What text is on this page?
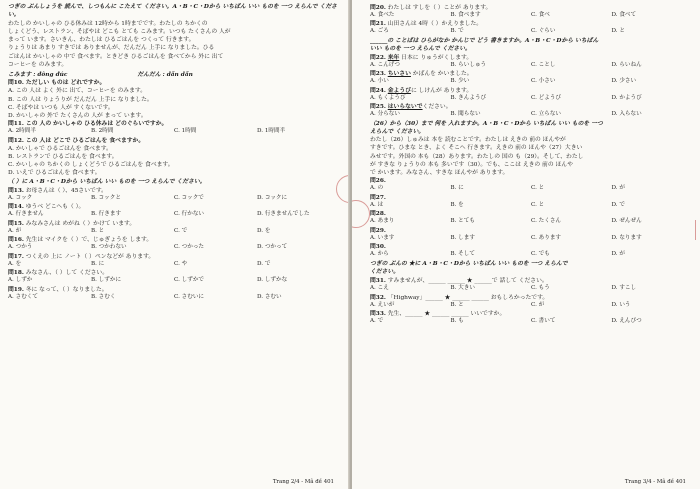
つぎの ぶんしょうを 読んで、しつもんに こたえて ください。A・B・C・Dから いちばん いい ものを 一つ えらんで ください。
わたしの かいしゃの ひる休みは 12時から 1時までです。わたしの ちかくの
しょくどう、レストラン、そばやは どこも とても こみます。いつも たくさんの 人が
まって います。さいきん、わたしは ひるごはんを つくって 行きます。
りょうりは あまり すきでは ありませんが、だんだん 上手に なりました。ひる
ごはんは かいしゃの 中で 食べます。ときどき ひるごはんを 食べてから 外に 出て
コーヒーを のみます。
こみます : đông đúc	だんだん : dần dần
問10. ただしい ものは どれですか。
A. この 人は よく 外に 出て、コーヒーを のみます。
B. この 人は りょうりが だんだん 上手に なりました。
C. そばやは いつも 人が すくないです。
D. かいしゃの 外で たくさんの 人が まって います。
問11. この 人の かいしゃの ひる休みは どのぐらいですか。
A. 2時間半	B. 2時間	C. 1時間	D. 1時間半
問12. この 人は どこで ひるごはんを 食べますか。
A. かいしゃで ひるごはんを 食べます。
B. レストランで ひるごはんを 食べます。
C. かいしゃの ちかくの しょくどうで ひるごはんを 食べます。
D. いえで ひるごはんを 食べます。
（ ）に A・B・C・Dから いちばん いい ものを 一つ えらんで ください。
問13. お母さんは（ ）、45さいです。
A. コック	B. コックと	C. コックで	D. コックに
問14. ゆうべ どこへも（ ）。
A. 行きません	B. 行きます	C. 行かない	D. 行きませんでした
問15. みなみさんは めがね（ ）かけて います。
A. が	B. と	C. で	D. を
問16. 先生は マイクを（ ）で、じゅぎょうを します。
A. つかう	B. つかわない	C. つかった	D. つかって
問17. つくえの 上に ノート（ ）ペンなどが あります。
A. を	B. に	C. や	D. で
問18. みなさん、（ ）して ください。
A. しずか	B. しずかに	C. しずかで	D. しずかな
問19. 冬に なって、（ ）なりました。
A. さむくて	B. さむく	C. さむいに	D. さむい
Trang 2/4 - Mã đề 401
問20. わたしは すしを（ ）ことが あります。
A. 食べた	B. 食べます	C. 食べ	D. 食べて
問21. 山田さんは 4時（ ）かえりました。
A. ごろ	B. で	C. ぐらい	D. と
______の ことばは ひらがなか かんじで どう 書きますか。A・B・C・Dから いちばん
いい ものを 一つ えらんで ください。
問22. 来年 日本に りゅうがくします。
A. こんげつ	B. らいしゅう	C. ことし	D. らいねん
問23. ちいさい かばんを かいました。
A. 小い	B. 少い	C. 小さい	D. 少さい
問24. 金ようびに しけんが あります。
A. もくようび	B. きんようび	C. どようび	D. かようび
問25. はいらないでください。
A. 分らない	B. 聞らない	C. 立らない	D. 入らない
（26）から（30）まで 何を 入れますか。A・B・C・Dから いちばん いい ものを 一つ
えらんで ください。
わたし（26）しゅみは 本を 読むことです。わたしは えきの 前の ほんやが
すきです。ひまな とき、よく そこへ 行きます。えきの 前の ほんや（27）大きい
みせです。外国の 本も（28）あります。わたしの 国の も（29）。そして、わたし
が すきな りょうりの 本も 多いです（30）。でも、ここは えきの 前の ほんや
で かいます。みなさん、すきな ほんやが あります。
問26.
A. の	B. に	C. と	D. が
問27.
A. は	B. を	C. と	D. で
問28.
A. あまり	B. とても	C. たくさん	D. ぜんぜん
問29.
A. います	B. します	C. あります	D. なります
問30.
A. から	B. そして	C. でも	D. が
つぎの ぶんの ★に A・B・C・Dから いちばん いい ものを 一つ えらんで
ください。
問31. すみませんが、______ ______ ★ ______で 話して ください。
A. こえ	B. 大きい	C. もう	D. すこし
問32. 「Highway」______ ★ ______ ______ おもしろかったです。
A. えいが	B. と	C. が	D. いう
問33. 先生、______ ★ ______ ______ いいですか。
A. で	B. も	C. 書いて	D. えんぴつ
Trang 3/4 - Mã đề 401
